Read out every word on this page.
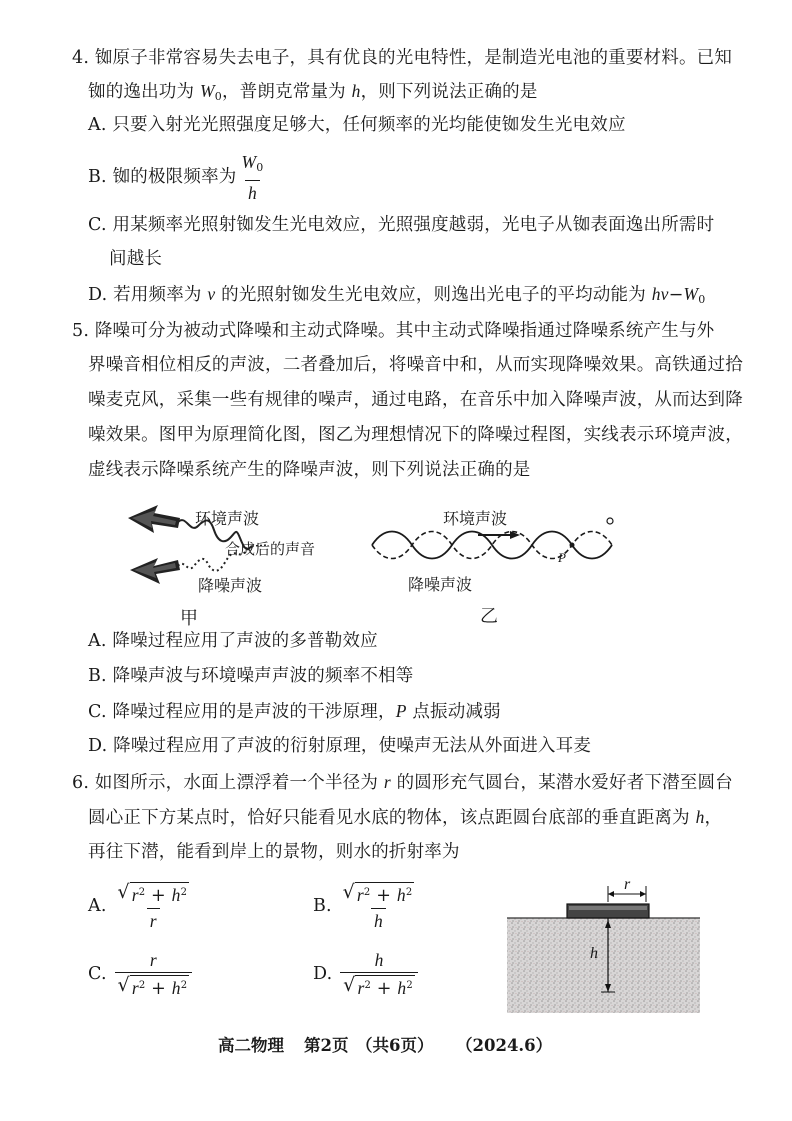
4. 铷原子非常容易失去电子，具有优良的光电特性，是制造光电池的重要材料。已知
铷的逸出功为 $W_0$，普朗克常量为 h，则下列说法正确的是
A. 只要入射光光照强度足够大，任何频率的光均能使铷发生光电效应
B. 铷的极限频率为 $\frac{W_0}{h}$
C. 用某频率光照射铷发生光电效应，光照强度越弱，光电子从铷表面逸出所需时
间越长
D. 若用频率为 ν 的光照射铷发生光电效应，则逸出光电子的平均动能为 $h\nu-W_0$
5. 降噪可分为被动式降噪和主动式降噪。其中主动式降噪指通过降噪系统产生与外
界噪音相位相反的声波，二者叠加后，将噪音中和，从而实现降噪效果。高铁通过拾
噪麦克风，采集一些有规律的噪声，通过电路，在音乐中加入降噪声波，从而达到降
噪效果。图甲为原理简化图，图乙为理想情况下的降噪过程图，实线表示环境声波，
虚线表示降噪系统产生的降噪声波，则下列说法正确的是
环境声波
合成后的声音
降噪声波
甲
环境声波
P
降噪声波
乙
A. 降噪过程应用了声波的多普勒效应
B. 降噪声波与环境噪声声波的频率不相等
C. 降噪过程应用的是声波的干涉原理，P 点振动减弱
D. 降噪过程应用了声波的衍射原理，使噪声无法从外面进入耳麦
6. 如图所示，水面上漂浮着一个半径为 r 的圆形充气圆台，某潜水爱好者下潜至圆台
圆心正下方某点时，恰好只能看见水底的物体，该点距圆台底部的垂直距离为 h，
再往下潜，能看到岸上的景物，则水的折射率为
A. $\frac{√ r^2 + h^2}{r}$	B. $\frac{√ r^2 + h^2}{h}$
C. $\frac{r}{√ r^2 + h^2}$	D. $\frac{h}{√ r^2 + h^2}$
r
h
高二物理 第2页 （共6页） （2024.6）
